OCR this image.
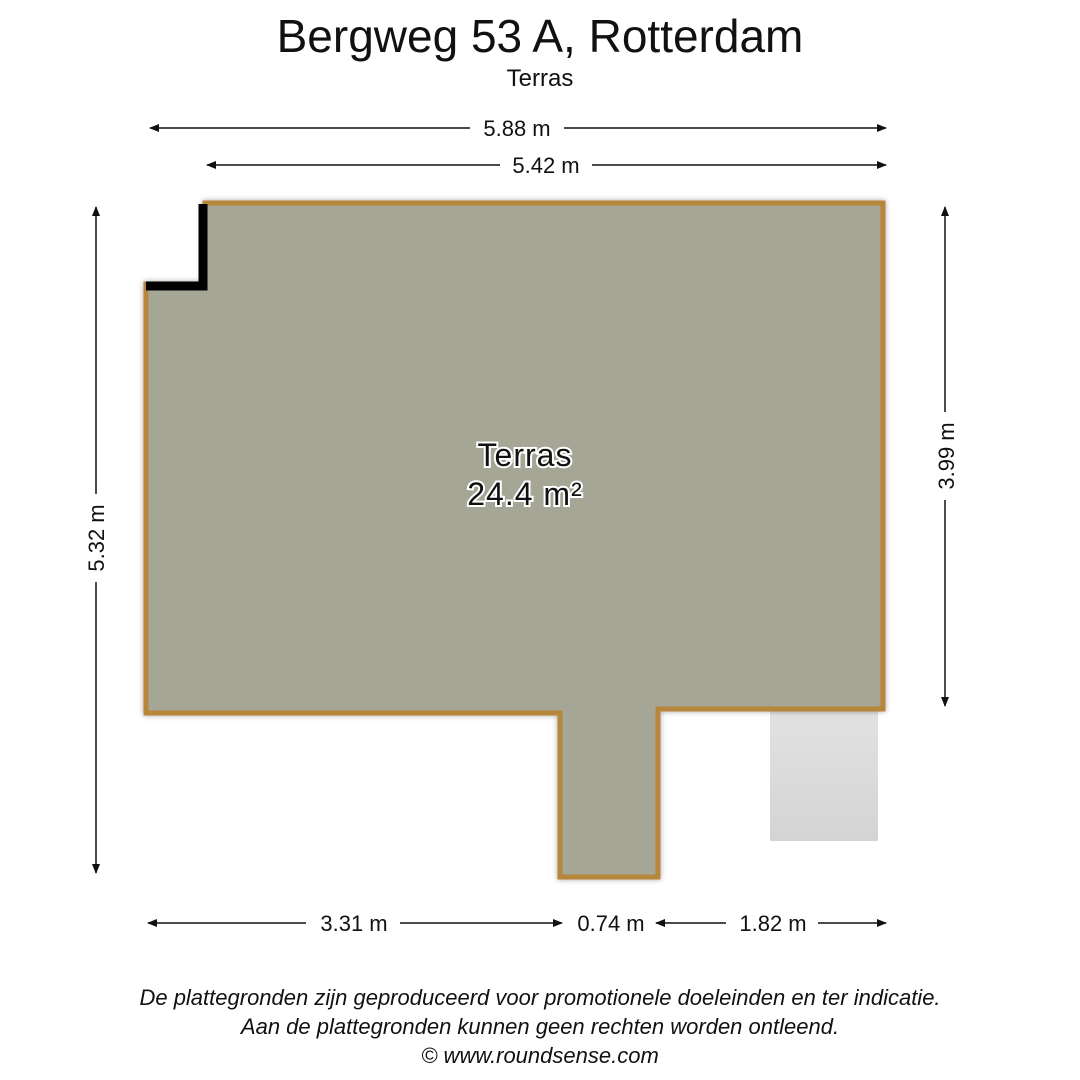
Bergweg 53 A, Rotterdam
Terras
Terras
24.4 m²
5.88 m
5.42 m
5.32 m
3.99 m
3.31 m	0.74 m	1.82 m
De plattegronden zijn geproduceerd voor promotionele doeleinden en ter indicatie.
Aan de plattegronden kunnen geen rechten worden ontleend.
© www.roundsense.com
